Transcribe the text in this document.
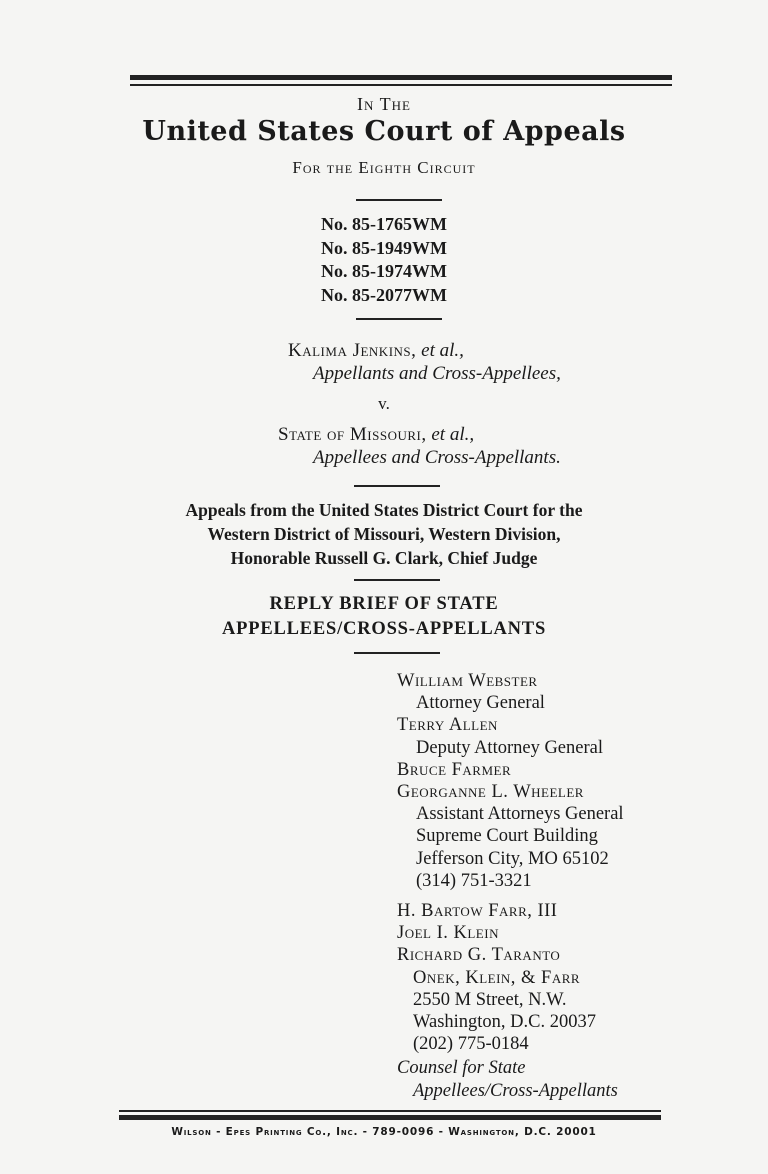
In The
United States Court of Appeals
For the Eighth Circuit
No. 85-1765WM
No. 85-1949WM
No. 85-1974WM
No. 85-2077WM
Kalima Jenkins, et al.,
Appellants and Cross-Appellees,
v.
State of Missouri, et al.,
Appellees and Cross-Appellants.
Appeals from the United States District Court for the
Western District of Missouri, Western Division,
Honorable Russell G. Clark, Chief Judge
REPLY BRIEF OF STATE
APPELLEES/CROSS-APPELLANTS
William Webster
Attorney General
Terry Allen
Deputy Attorney General
Bruce Farmer
Georganne L. Wheeler
Assistant Attorneys General
Supreme Court Building
Jefferson City, MO 65102
(314) 751-3321
H. Bartow Farr, III
Joel I. Klein
Richard G. Taranto
Onek, Klein, & Farr
2550 M Street, N.W.
Washington, D.C. 20037
(202) 775-0184
Counsel for State
Appellees/Cross-Appellants
Wilson - Epes Printing Co., Inc. - 789-0096 - Washington, D.C. 20001
